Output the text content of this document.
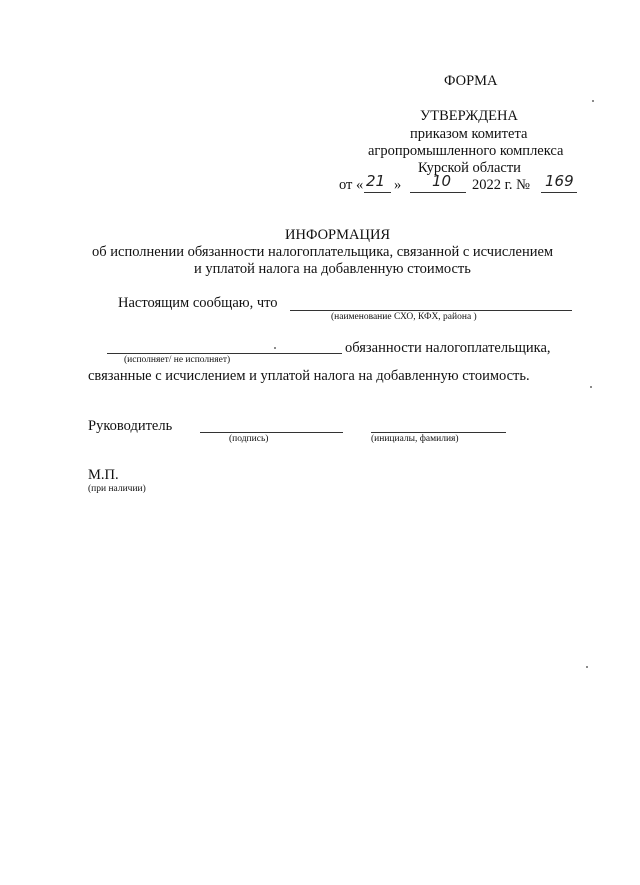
ФОРМА
УТВЕРЖДЕНА
приказом комитета
агропромышленного комплекса
Курской области
от « 21 » 10 2022 г. № 169
ИНФОРМАЦИЯ
об исполнении обязанности налогоплательщика, связанной с исчислением
и уплатой налога на добавленную стоимость
Настоящим сообщаю, что
(наименование СХО, КФХ, района )
обязанности налогоплательщика,
(исполняет/ не исполняет)
связанные с исчислением и уплатой налога на добавленную стоимость.
Руководитель
(подпись)	(инициалы, фамилия)
М.П.
(при наличии)
